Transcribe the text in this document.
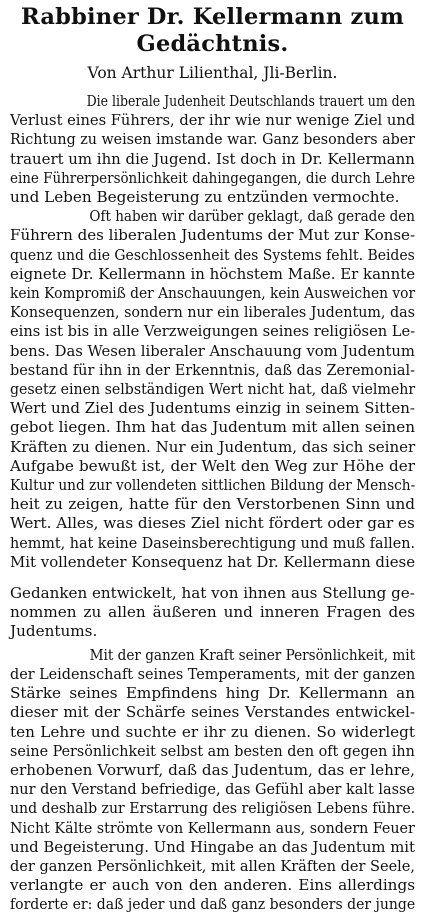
Rabbiner Dr. Kellermann zum
Gedächtnis.
Von Arthur Lilienthal, Jli-Berlin.

Die liberale Judenheit Deutschlands trauert um den

Verlust eines Führers, der ihr wie nur wenige Ziel und

Richtung zu weisen imstande war. Ganz besonders aber

trauert um ihn die Jugend. Ist doch in Dr. Kellermann

eine Führerpersönlichkeit dahingegangen, die durch Lehre

und Leben Begeisterung zu entzünden vermochte.

Oft haben wir darüber geklagt, daß gerade den

Führern des liberalen Judentums der Mut zur Konse-

quenz und die Geschlossenheit des Systems fehlt. Beides

eignete Dr. Kellermann in höchstem Maße. Er kannte

kein Kompromiß der Anschauungen, kein Ausweichen vor

Konsequenzen, sondern nur ein liberales Judentum, das

eins ist bis in alle Verzweigungen seines religiösen Le-

bens. Das Wesen liberaler Anschauung vom Judentum

bestand für ihn in der Erkenntnis, daß das Zeremonial-

gesetz einen selbständigen Wert nicht hat, daß vielmehr

Wert und Ziel des Judentums einzig in seinem Sitten-

gebot liegen. Ihm hat das Judentum mit allen seinen

Kräften zu dienen. Nur ein Judentum, das sich seiner

Aufgabe bewußt ist, der Welt den Weg zur Höhe der

Kultur und zur vollendeten sittlichen Bildung der Mensch-

heit zu zeigen, hatte für den Verstorbenen Sinn und

Wert. Alles, was dieses Ziel nicht fördert oder gar es

hemmt, hat keine Daseinsberechtigung und muß fallen.

Mit vollendeter Konsequenz hat Dr. Kellermann diese

Gedanken entwickelt, hat von ihnen aus Stellung ge-

nommen zu allen äußeren und inneren Fragen des

Judentums.

Mit der ganzen Kraft seiner Persönlichkeit, mit

der Leidenschaft seines Temperaments, mit der ganzen

Stärke seines Empfindens hing Dr. Kellermann an

dieser mit der Schärfe seines Verstandes entwickel-

ten Lehre und suchte er ihr zu dienen. So widerlegt

seine Persönlichkeit selbst am besten den oft gegen ihn

erhobenen Vorwurf, daß das Judentum, das er lehre,

nur den Verstand befriedige, das Gefühl aber kalt lasse

und deshalb zur Erstarrung des religiösen Lebens führe.

Nicht Kälte strömte von Kellermann aus, sondern Feuer

und Begeisterung. Und Hingabe an das Judentum mit

der ganzen Persönlichkeit, mit allen Kräften der Seele,

verlangte er auch von den anderen. Eins allerdings

forderte er: daß jeder und daß ganz besonders der junge
